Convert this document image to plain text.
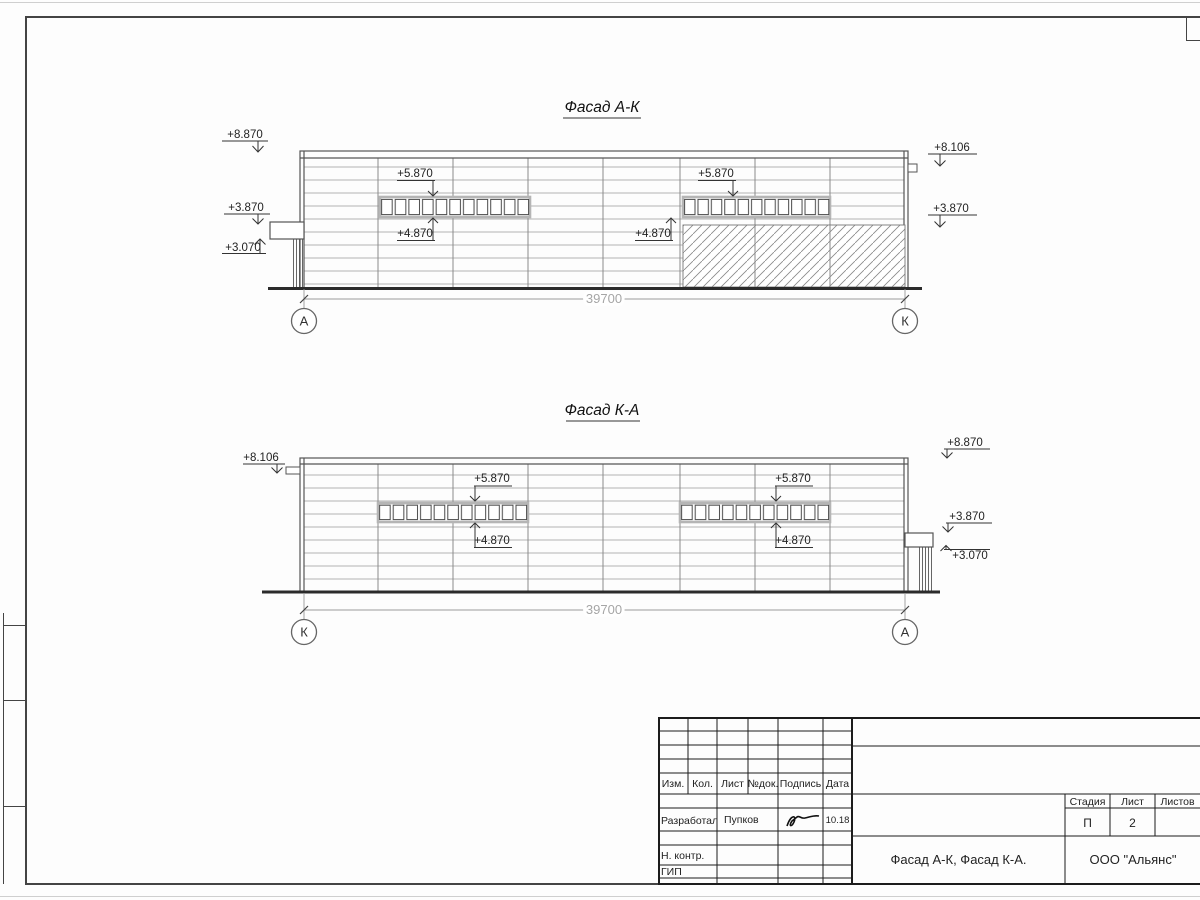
39700
А	К
+8.870
+3.870
+3.070
+8.106
+3.870
+5.870
+4.870
+5.870
+4.870
Фасад А-К
39700
К	А
+8.106
+8.870
+3.870
+3.070
+5.870
+4.870
+5.870
+4.870
Фасад К-А
Изм. Кол. Лист №док. Подпись Дата
Разработал Пупков	10.18
Н. контр.
ГИП
Стадия Лист Листов
П	2
Фасад А-К, Фасад К-А.	ООО "Альянс"
